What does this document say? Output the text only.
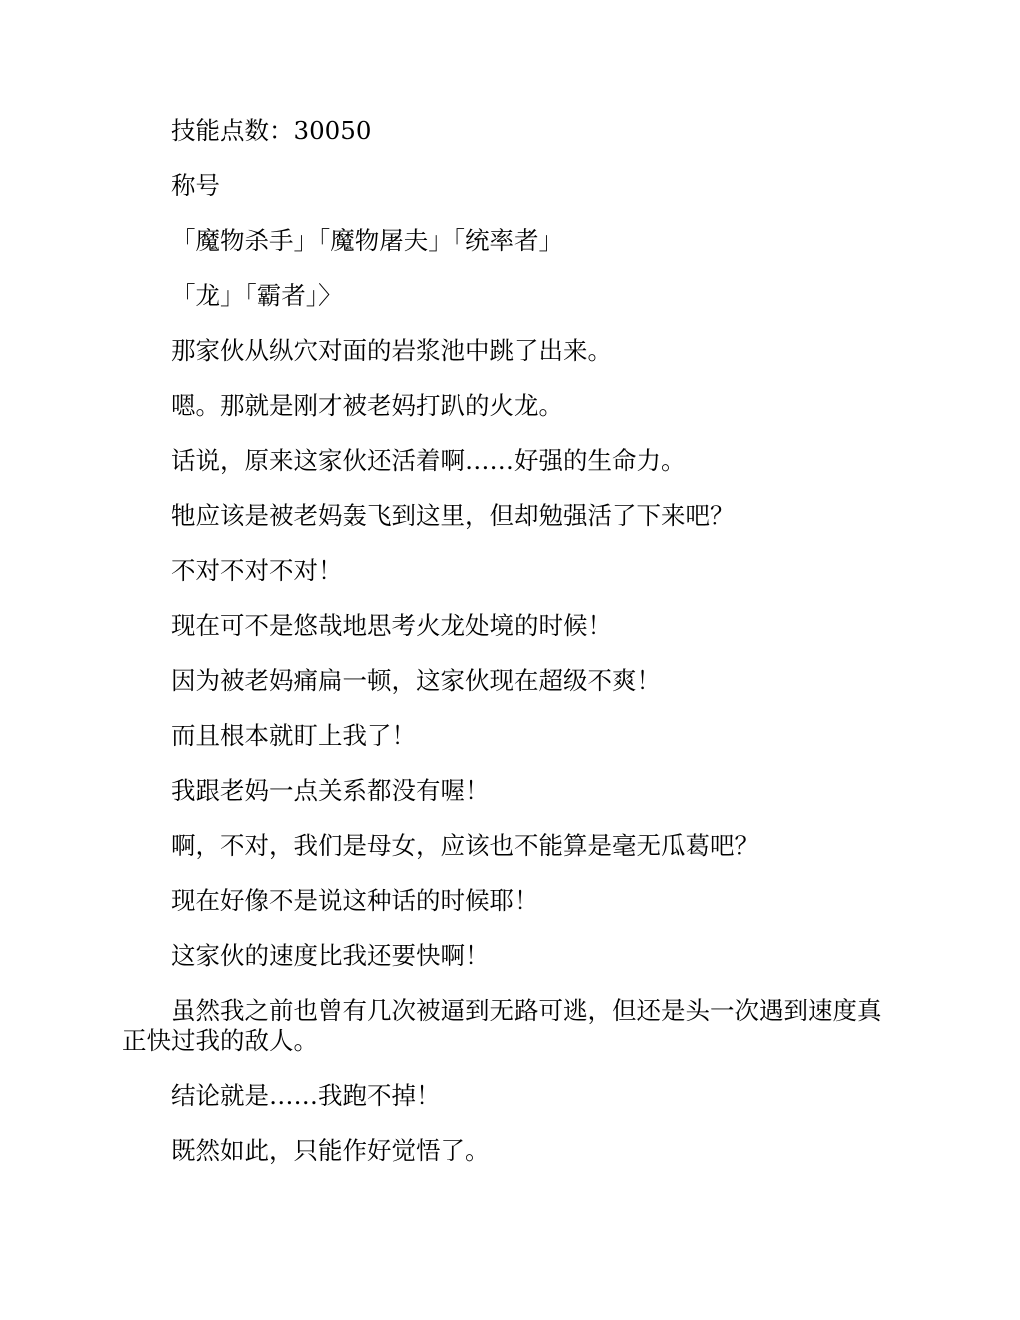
技能点数：30050

称号

「魔物杀手」「魔物屠夫」「统率者」

「龙」「霸者」〉

那家伙从纵穴对面的岩浆池中跳了出来。

嗯。那就是刚才被老妈打趴的火龙。

话说，原来这家伙还活着啊……好强的生命力。

牠应该是被老妈轰飞到这里，但却勉强活了下来吧？

不对不对不对！

现在可不是悠哉地思考火龙处境的时候！

因为被老妈痛扁一顿，这家伙现在超级不爽！

而且根本就盯上我了！

我跟老妈一点关系都没有喔！

啊，不对，我们是母女，应该也不能算是毫无瓜葛吧？

现在好像不是说这种话的时候耶！

这家伙的速度比我还要快啊！

虽然我之前也曾有几次被逼到无路可逃，但还是头一次遇到速度真正快过我的敌人。

结论就是……我跑不掉！

既然如此，只能作好觉悟了。
